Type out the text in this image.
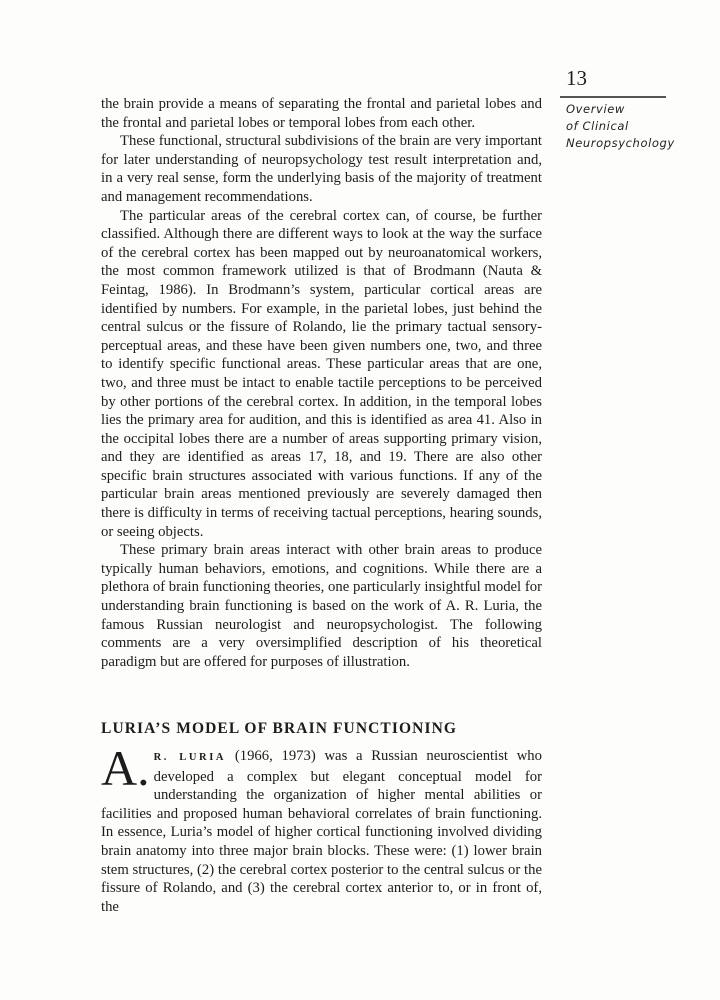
13
Overview
of Clinical
Neuropsychology

the brain provide a means of separating the frontal and parietal lobes and the frontal and parietal lobes or temporal lobes from each other.

These functional, structural subdivisions of the brain are very important for later understanding of neuropsychology test result interpretation and, in a very real sense, form the underlying basis of the majority of treatment and management recommendations.

The particular areas of the cerebral cortex can, of course, be further classified. Although there are different ways to look at the way the surface of the cerebral cortex has been mapped out by neuroanatomical workers, the most common framework utilized is that of Brodmann (Nauta & Feintag, 1986). In Brodmann’s system, particular cortical areas are identified by numbers. For example, in the parietal lobes, just behind the central sulcus or the fissure of Rolando, lie the primary tactual sensory-perceptual areas, and these have been given numbers one, two, and three to identify specific functional areas. These particular areas that are one, two, and three must be intact to enable tactile perceptions to be perceived by other portions of the cerebral cortex. In addition, in the temporal lobes lies the primary area for audition, and this is identified as area 41. Also in the occipital lobes there are a number of areas supporting primary vision, and they are identified as areas 17, 18, and 19. There are also other specific brain structures associated with various functions. If any of the particular brain areas mentioned previously are severely damaged then there is difficulty in terms of receiving tactual perceptions, hearing sounds, or seeing objects.

These primary brain areas interact with other brain areas to produce typically human behaviors, emotions, and cognitions. While there are a plethora of brain functioning theories, one particularly insightful model for understanding brain functioning is based on the work of A. R. Luria, the famous Russian neurologist and neuropsychologist. The following comments are a very oversimplified description of his theoretical paradigm but are offered for purposes of illustration.

LURIA’S MODEL OF BRAIN FUNCTIONING

A. R. LURIA (1966, 1973) was a Russian neuroscientist who developed a complex but elegant conceptual model for understanding the organization of higher mental abilities or facilities and proposed human behavioral correlates of brain functioning. In essence, Luria’s model of higher cortical functioning involved dividing brain anatomy into three major brain blocks. These were: (1) lower brain stem structures, (2) the cerebral cortex posterior to the central sulcus or the fissure of Rolando, and (3) the cerebral cortex anterior to, or in front of, the
